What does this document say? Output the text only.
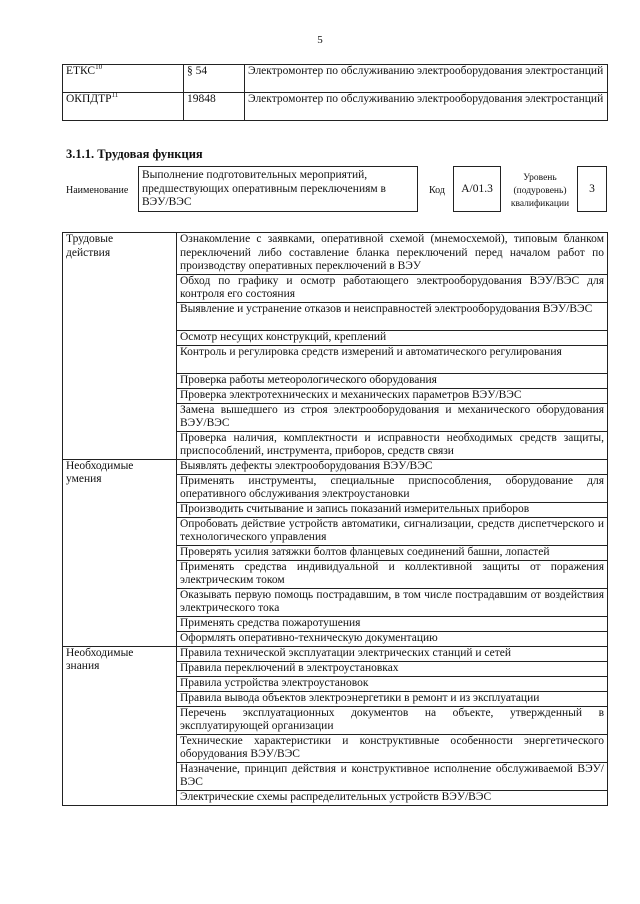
5
ЕТКС$^{10}$	§ 54	Электромонтер по обслуживанию электрооборудования электростанций
ОКПДТР$^{11}$	19848	Электромонтер по обслуживанию электрооборудования электростанций
3.1.1. Трудовая функция
Наименование
Выполнение подготовительных мероприятий, предшествующих оперативным переключениям в ВЭУ/ВЭС
Код	А/01.3
Уровень
(подуровень)
квалификации
3
Трудовые
действия	Ознакомление с заявками, оперативной схемой (мнемосхемой), типовым бланком переключений либо составление бланка переключений перед началом работ по производству оперативных переключений в ВЭУ
	Обход по графику и осмотр работающего электрооборудования ВЭУ/ВЭС для контроля его состояния
	Выявление и устранение отказов и неисправностей электрооборудования ВЭУ/ВЭС
	Осмотр несущих конструкций, креплений
	Контроль и регулировка средств измерений и автоматического регулирования
	Проверка работы метеорологического оборудования
	Проверка электротехнических и механических параметров ВЭУ/ВЭС
	Замена вышедшего из строя электрооборудования и механического оборудования ВЭУ/ВЭС
	Проверка наличия, комплектности и исправности необходимых средств защиты, приспособлений, инструмента, приборов, средств связи

Необходимые
умения	Выявлять дефекты электрооборудования ВЭУ/ВЭС
	Применять инструменты, специальные приспособления, оборудование для оперативного обслуживания электроустановки
	Производить считывание и запись показаний измерительных приборов
	Опробовать действие устройств автоматики, сигнализации, средств диспетчерского и технологического управления
	Проверять усилия затяжки болтов фланцевых соединений башни, лопастей
	Применять средства индивидуальной и коллективной защиты от поражения электрическим током
	Оказывать первую помощь пострадавшим, в том числе пострадавшим от воздействия электрического тока
	Применять средства пожаротушения
	Оформлять оперативно-техническую документацию

Необходимые
знания	Правила технической эксплуатации электрических станций и сетей
	Правила переключений в электроустановках
	Правила устройства электроустановок
	Правила вывода объектов электроэнергетики в ремонт и из эксплуатации
	Перечень эксплуатационных документов на объекте, утвержденный в эксплуатирующей организации
	Технические характеристики и конструктивные особенности энергетического оборудования ВЭУ/ВЭС
	Назначение, принцип действия и конструктивное исполнение обслуживаемой ВЭУ/ВЭС
	Электрические схемы распределительных устройств ВЭУ/ВЭС
